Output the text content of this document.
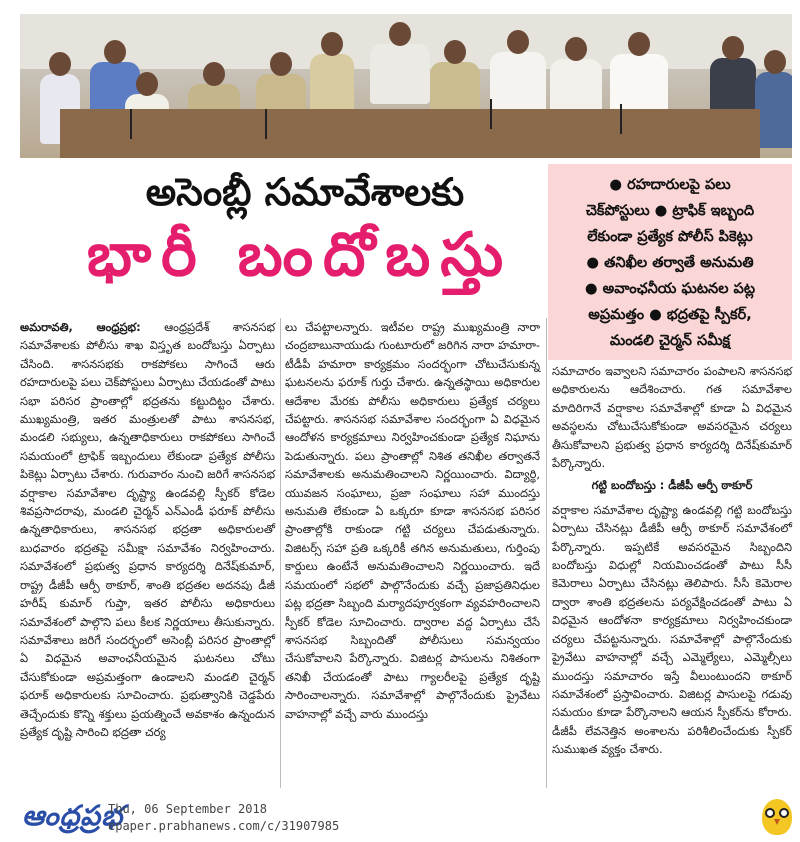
అసెంబ్లీ సమావేశాలకు
భారీ బందోబస్తు

● రహదారులపై పలు

చెక్‌పోస్టులు ● ట్రాఫిక్ ఇబ్బంది

లేకుండా ప్రత్యేక పోలీస్ పికెట్లు

● తనిఖీల తర్వాతే అనుమతి

● అవాంఛనీయ ఘటనల పట్ల

అప్రమత్తం ● భద్రతపై స్పీకర్,

మండలి చైర్మన్ సమీక్ష

అమరావతి, ఆంధ్రప్రభ: ఆంధ్రప్రదేశ్ శాసనసభ సమావేశాలకు పోలీసు శాఖ విస్తృత బందోబస్తు ఏర్పాటు చేసింది. శాసనసభకు రాకపోకలు సాగించే ఆరు రహదారులపై పలు చెక్‌పోస్టులు ఏర్పాటు చేయడంతో పాటు సభా పరిసర ప్రాంతాల్లో భద్రతను కట్టుదిట్టం చేశారు. ముఖ్యమంత్రి, ఇతర మంత్రులతో పాటు శాసనసభ, మండలి సభ్యులు, ఉన్నతాధికారులు రాకపోకలు సాగించే సమయంలో ట్రాఫిక్ ఇబ్బందులు లేకుండా ప్రత్యేక పోలీసు పికెట్లు ఏర్పాటు చేశారు. గురువారం నుంచి జరిగే శాసనసభ వర్షాకాల సమావేశాల దృష్ట్యా ఉండవల్లి స్పీకర్ కోడెల శివప్రసాదరావు, మండలి చైర్మన్ ఎన్ఎండీ ఫరూక్ పోలీసు ఉన్నతాధికారులు, శాసనసభ భద్రతా అధికారులతో బుధవారం భద్రతపై సమీక్షా సమావేశం నిర్వహించారు. సమావేశంలో ప్రభుత్వ ప్రధాన కార్యదర్శి దినేష్‌కుమార్, రాష్ట్ర డీజీపీ ఆర్పీ ఠాకూర్, శాంతి భద్రతల అదనపు డీజీ హరీష్ కుమార్ గుప్తా, ఇతర పోలీసు అధికారులు సమావేశంలో పాల్గొని పలు కీలక నిర్ణయాలు తీసుకున్నారు. సమావేశాలు జరిగే సందర్భంలో అసెంబ్లీ పరిసర ప్రాంతాల్లో ఏ విధమైన అవాంఛనీయమైన ఘటనలు చోటు చేసుకోకుండా అప్రమత్తంగా ఉండాలని మండలి చైర్మన్ ఫరూక్ అధికారులకు సూచించారు. ప్రభుత్వానికి చెడ్డపేరు తెచ్చేందుకు కొన్ని శక్తులు ప్రయత్నించే అవకాశం ఉన్నందున ప్రత్యేక దృష్టి సారించి భద్రతా చర్య

లు చేపట్టాలన్నారు. ఇటీవల రాష్ట్ర ముఖ్యమంత్రి నారా చంద్రబాబునాయుడు గుంటూరులో జరిగిన నారా హమారా-టీడీపీ హమారా కార్యక్రమం సందర్భంగా చోటుచేసుకున్న ఘటనలను ఫరూక్ గుర్తు చేశారు. ఉన్నతస్థాయి అధికారుల ఆదేశాల మేరకు పోలీసు అధికారులు ప్రత్యేక చర్యలు చేపట్టారు. శాసనసభ సమావేశాల సందర్భంగా ఏ విధమైన ఆందోళన కార్యక్రమాలు నిర్వహించకుండా ప్రత్యేక నిఘాను పెడుతున్నారు. పలు ప్రాంతాల్లో నిశిత తనిఖీల తర్వాతనే సమావేశాలకు అనుమతించాలని నిర్ణయించారు. విద్యార్థి, యువజన సంఘాలు, ప్రజా సంఘాలు సహా ముందస్తు అనుమతి లేకుండా ఏ ఒక్కరూ కూడా శాసనసభ పరిసర ప్రాంతాల్లోకి రాకుండా గట్టి చర్యలు చేపడుతున్నారు. విజిటర్స్ సహా ప్రతి ఒక్కరికీ తగిన అనుమతులు, గుర్తింపు కార్డులు ఉంటేనే అనుమతించాలని నిర్ణయించారు. ఇదే సమయంలో సభలో పాల్గొనేందుకు వచ్చే ప్రజాప్రతినిధుల పట్ల భద్రతా సిబ్బంది మర్యాదపూర్వకంగా వ్యవహరించాలని స్పీకర్ కోడెల సూచించారు. ద్వారాల వద్ద ఏర్పాటు చేసే శాసనసభ సిబ్బందితో పోలీసులు సమన్వయం చేసుకోవాలని పేర్కొన్నారు. విజిటర్ల పాసులను నిశితంగా తనిఖీ చేయడంతో పాటు గ్యాలరీలపై ప్రత్యేక దృష్టి సారించాలన్నారు. సమావేశాల్లో పాల్గొనేందుకు ప్రైవేటు వాహనాల్లో వచ్చే వారు ముందస్తు

సమాచారం ఇవ్వాలని సమాచారం పంపాలని శాసనసభ అధికారులను ఆదేశించారు. గత సమావేశాల మాదిరిగానే వర్షాకాల సమావేశాల్లో కూడా ఏ విధమైన అవస్థలను చోటుచేసుకోకుండా అవసరమైన చర్యలు తీసుకోవాలని ప్రభుత్వ ప్రధాన కార్యదర్శి దినేష్‌కుమార్ పేర్కొన్నారు.

గట్టి బందోబస్తు : డీజీపీ ఆర్పీ ఠాకూర్

వర్షాకాల సమావేశాల దృష్ట్యా ఉండవల్లి గట్టి బందోబస్తు ఏర్పాటు చేసినట్లు డీజీపీ ఆర్పీ ఠాకూర్ సమావేశంలో పేర్కొన్నారు. ఇప్పటికే అవసరమైన సిబ్బందిని బందోబస్తు విధుల్లో నియమించడంతో పాటు సీసీ కెమెరాలు ఏర్పాటు చేసినట్లు తెలిపారు. సీసీ కెమెరాల ద్వారా శాంతి భద్రతలను పర్యవేక్షించడంతో పాటు ఏ విధమైన ఆందోళనా కార్యక్రమాలు నిర్వహించకుండా చర్యలు చేపట్టనున్నారు. సమావేశాల్లో పాల్గొనేందుకు ప్రైవేటు వాహనాల్లో వచ్చే ఎమ్మెల్యేలు, ఎమ్మెల్సీలు ముందస్తు సమాచారం ఇస్తే వీలుంటుందని ఠాకూర్ సమావేశంలో ప్రస్తావించారు. విజిటర్ల పాసులపై గడువు సమయం కూడా పేర్కొనాలని ఆయన స్పీకర్‌ను కోరారు. డీజీపీ లేవనెత్తిన అంశాలను పరిశీలించేందుకు స్పీకర్ సుముఖత వ్యక్తం చేశారు.

ఆంధ్రప్రభ
Thu, 06 September 2018
epaper.prabhanews.com/c/31907985
